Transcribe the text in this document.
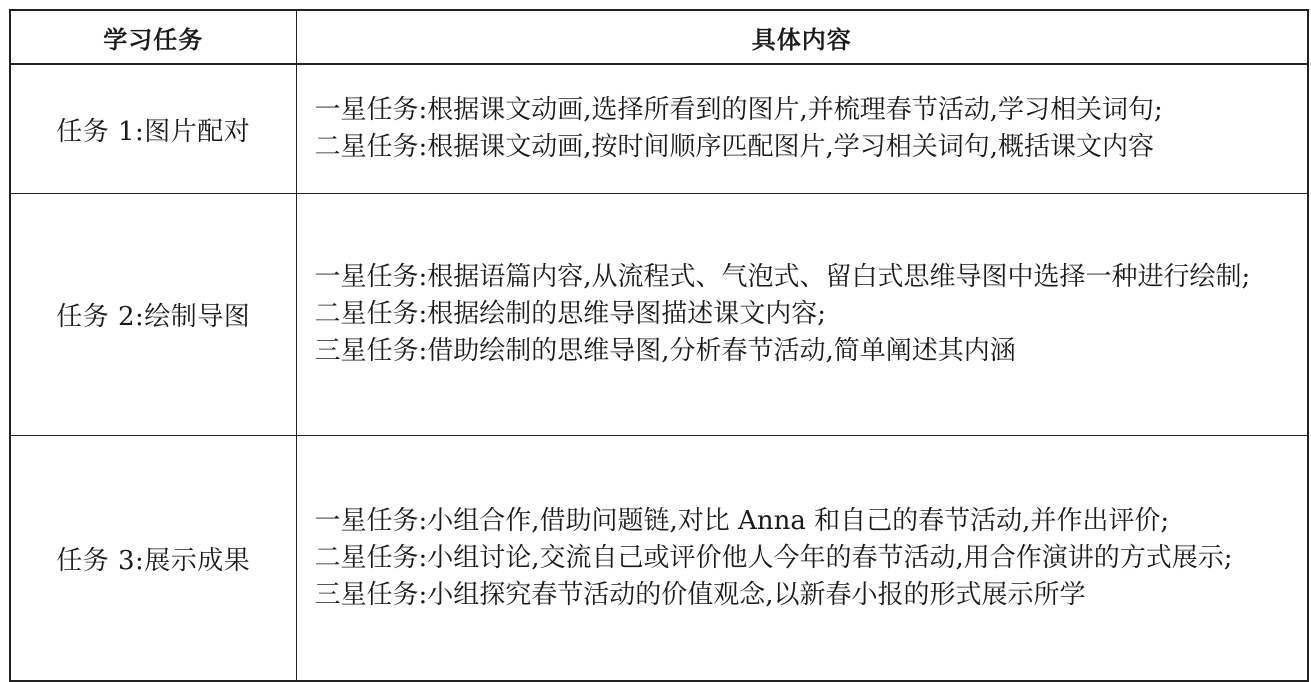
学习任务	具体内容
任务 1:图片配对	一星任务:根据课文动画,选择所看到的图片,并梳理春节活动,学习相关词句;
二星任务:根据课文动画,按时间顺序匹配图片,学习相关词句,概括课文内容

任务 2:绘制导图	一星任务:根据语篇内容,从流程式、气泡式、留白式思维导图中选择一种进行绘制;
二星任务:根据绘制的思维导图描述课文内容;
三星任务:借助绘制的思维导图,分析春节活动,简单阐述其内涵

任务 3:展示成果	一星任务:小组合作,借助问题链,对比 Anna 和自己的春节活动,并作出评价;
二星任务:小组讨论,交流自己或评价他人今年的春节活动,用合作演讲的方式展示;
三星任务:小组探究春节活动的价值观念,以新春小报的形式展示所学
